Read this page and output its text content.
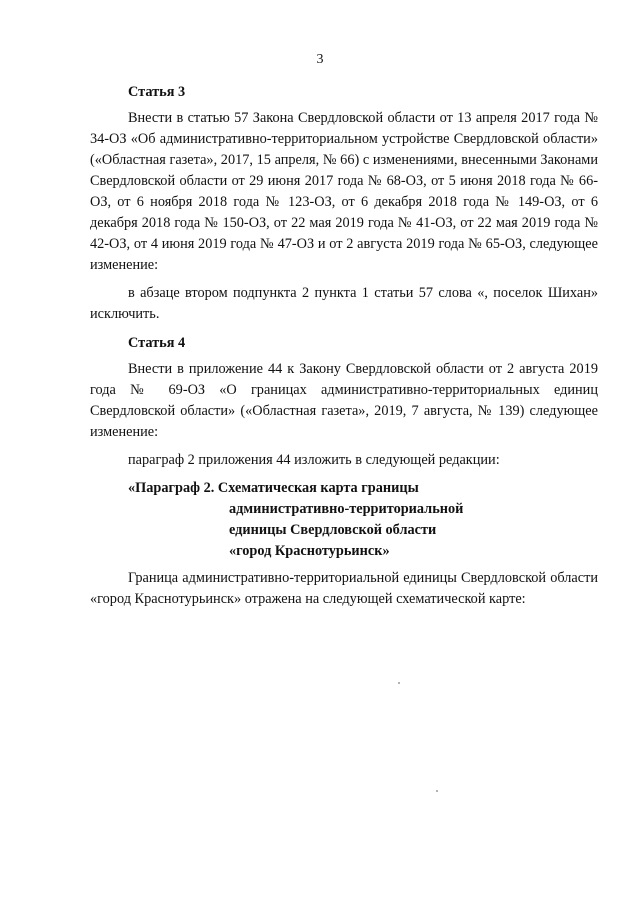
3
Статья 3

Внести в статью 57 Закона Свердловской области от 13 апреля 2017 года № 34-ОЗ «Об административно-территориальном устройстве Свердловской области» («Областная газета», 2017, 15 апреля, № 66) с изменениями, внесенными Законами Свердловской области от 29 июня 2017 года № 68-ОЗ, от 5 июня 2018 года № 66-ОЗ, от 6 ноября 2018 года № 123-ОЗ, от 6 декабря 2018 года № 149-ОЗ, от 6 декабря 2018 года № 150-ОЗ, от 22 мая 2019 года № 41-ОЗ, от 22 мая 2019 года № 42-ОЗ, от 4 июня 2019 года № 47-ОЗ и от 2 августа 2019 года № 65-ОЗ, следующее изменение:

в абзаце втором подпункта 2 пункта 1 статьи 57 слова «, поселок Шихан» исключить.

Статья 4

Внести в приложение 44 к Закону Свердловской области от 2 августа 2019 года № 69-ОЗ «О границах административно-территориальных единиц Свердловской области» («Областная газета», 2019, 7 августа, № 139) следующее изменение:

параграф 2 приложения 44 изложить в следующей редакции:

«Параграф 2. Схематическая карта границы
административно-территориальной
единицы Свердловской области
«город Краснотурьинск»

Граница административно-территориальной единицы Свердловской области «город Краснотурьинск» отражена на следующей схематической карте:
